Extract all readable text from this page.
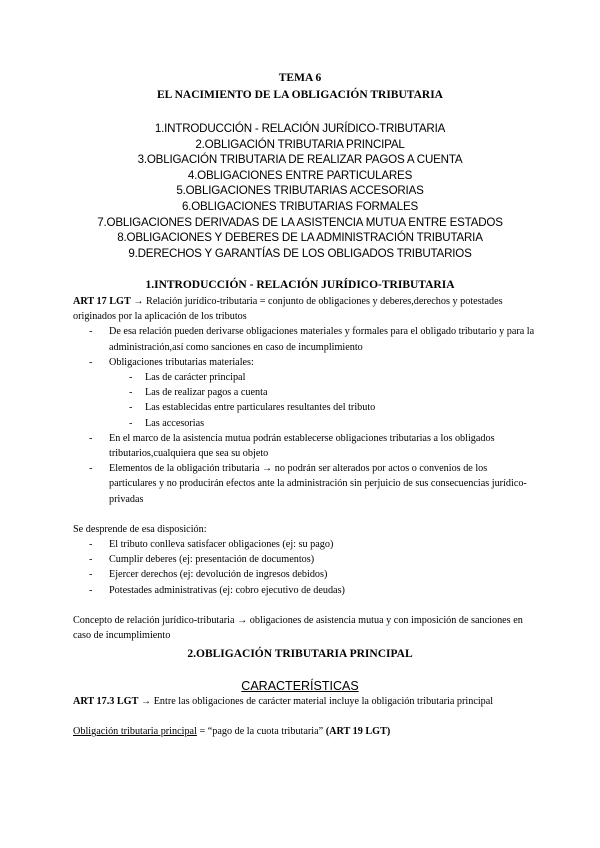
TEMA 6
EL NACIMIENTO DE LA OBLIGACIÓN TRIBUTARIA
1.INTRODUCCIÓN - RELACIÓN JURÍDICO-TRIBUTARIA
2.OBLIGACIÓN TRIBUTARIA PRINCIPAL
3.OBLIGACIÓN TRIBUTARIA DE REALIZAR PAGOS A CUENTA
4.OBLIGACIONES ENTRE PARTICULARES
5.OBLIGACIONES TRIBUTARIAS ACCESORIAS
6.OBLIGACIONES TRIBUTARIAS FORMALES
7.OBLIGACIONES DERIVADAS DE LA ASISTENCIA MUTUA ENTRE ESTADOS
8.OBLIGACIONES Y DEBERES DE LA ADMINISTRACIÓN TRIBUTARIA
9.DERECHOS Y GARANTÍAS DE LOS OBLIGADOS TRIBUTARIOS
1.INTRODUCCIÓN - RELACIÓN JURÍDICO-TRIBUTARIA

ART 17 LGT → Relación jurídico-tributaria = conjunto de obligaciones y deberes,derechos y potestades originados por la aplicación de los tributos

-	De esa relación pueden derivarse obligaciones materiales y formales para el obligado tributario y para la administración,así como sanciones en caso de incumplimiento
-	Obligaciones tributarias materiales:
-	Las de carácter principal
-	Las de realizar pagos a cuenta
-	Las establecidas entre particulares resultantes del tributo
-	Las accesorias
-	En el marco de la asistencia mutua podrán establecerse obligaciones tributarias a los obligados tributarios,cualquiera que sea su objeto
-	Elementos de la obligación tributaria → no podrán ser alterados por actos o convenios de los particulares y no producirán efectos ante la administración sin perjuicio de sus consecuencias jurídico-privadas

Se desprende de esa disposición:

-	El tributo conlleva satisfacer obligaciones (ej: su pago)
-	Cumplir deberes (ej: presentación de documentos)
-	Ejercer derechos (ej: devolución de ingresos debidos)
-	Potestades administrativas (ej: cobro ejecutivo de deudas)

Concepto de relación jurídico-tributaria → obligaciones de asistencia mutua y con imposición de sanciones en caso de incumplimiento

2.OBLIGACIÓN TRIBUTARIA PRINCIPAL
CARACTERÍSTICAS

ART 17.3 LGT → Entre las obligaciones de carácter material incluye la obligación tributaria principal

Obligación tributaria principal = “pago de la cuota tributaria” (ART 19 LGT)
